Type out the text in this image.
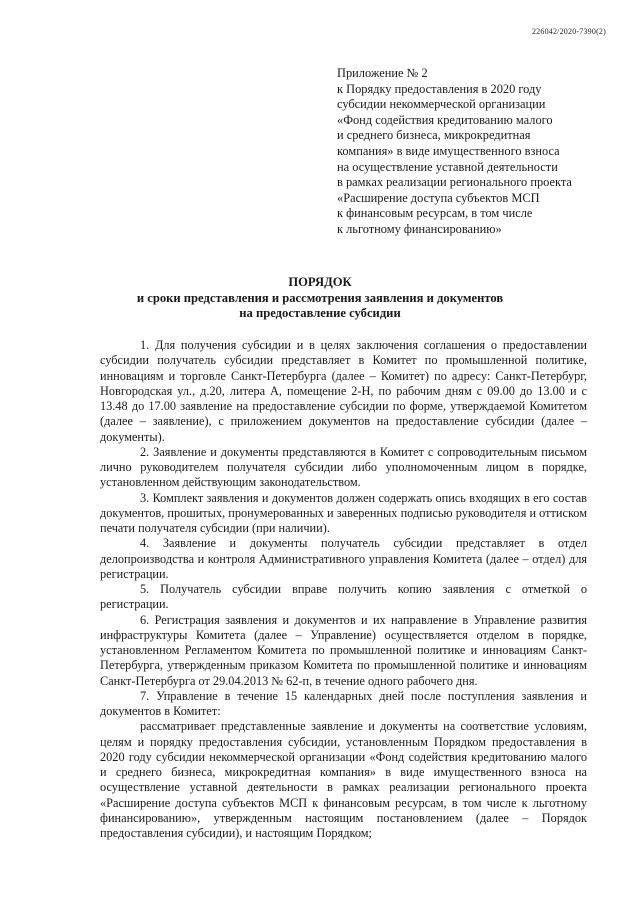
226042/2020-7390(2)
Приложение № 2
к Порядку предоставления в 2020 году
субсидии некоммерческой организации
«Фонд содействия кредитованию малого
и среднего бизнеса, микрокредитная
компания» в виде имущественного взноса
на осуществление уставной деятельности
в рамках реализации регионального проекта
«Расширение доступа субъектов МСП
к финансовым ресурсам, в том числе
к льготному финансированию»
ПОРЯДОК
и сроки представления и рассмотрения заявления и документов
на предоставление субсидии

1. Для получения субсидии и в целях заключения соглашения о предоставлении субсидии получатель субсидии представляет в Комитет по промышленной политике, инновациям и торговле Санкт-Петербурга (далее – Комитет) по адресу: Санкт-Петербург, Новгородская ул., д.20, литера А, помещение 2-Н, по рабочим дням с 09.00 до 13.00 и с 13.48 до 17.00 заявление на предоставление субсидии по форме, утверждаемой Комитетом (далее – заявление), с приложением документов на предоставление субсидии (далее – документы).

2. Заявление и документы представляются в Комитет с сопроводительным письмом лично руководителем получателя субсидии либо уполномоченным лицом в порядке, установленном действующим законодательством.

3. Комплект заявления и документов должен содержать опись входящих в его состав документов, прошитых, пронумерованных и заверенных подписью руководителя и оттиском печати получателя субсидии (при наличии).

4. Заявление и документы получатель субсидии представляет в отдел делопроизводства и контроля Административного управления Комитета (далее – отдел) для регистрации.

5. Получатель субсидии вправе получить копию заявления с отметкой о регистрации.

6. Регистрация заявления и документов и их направление в Управление развития инфраструктуры Комитета (далее – Управление) осуществляется отделом в порядке, установленном Регламентом Комитета по промышленной политике и инновациям Санкт-Петербурга, утвержденным приказом Комитета по промышленной политике и инновациям Санкт-Петербурга от 29.04.2013 № 62-п, в течение одного рабочего дня.

7. Управление в течение 15 календарных дней после поступления заявления и документов в Комитет:

рассматривает представленные заявление и документы на соответствие условиям, целям и порядку предоставления субсидии, установленным Порядком предоставления в 2020 году субсидии некоммерческой организации «Фонд содействия кредитованию малого и среднего бизнеса, микрокредитная компания» в виде имущественного взноса на осуществление уставной деятельности в рамках реализации регионального проекта «Расширение доступа субъектов МСП к финансовым ресурсам, в том числе к льготному финансированию», утвержденным настоящим постановлением (далее – Порядок предоставления субсидии), и настоящим Порядком;
